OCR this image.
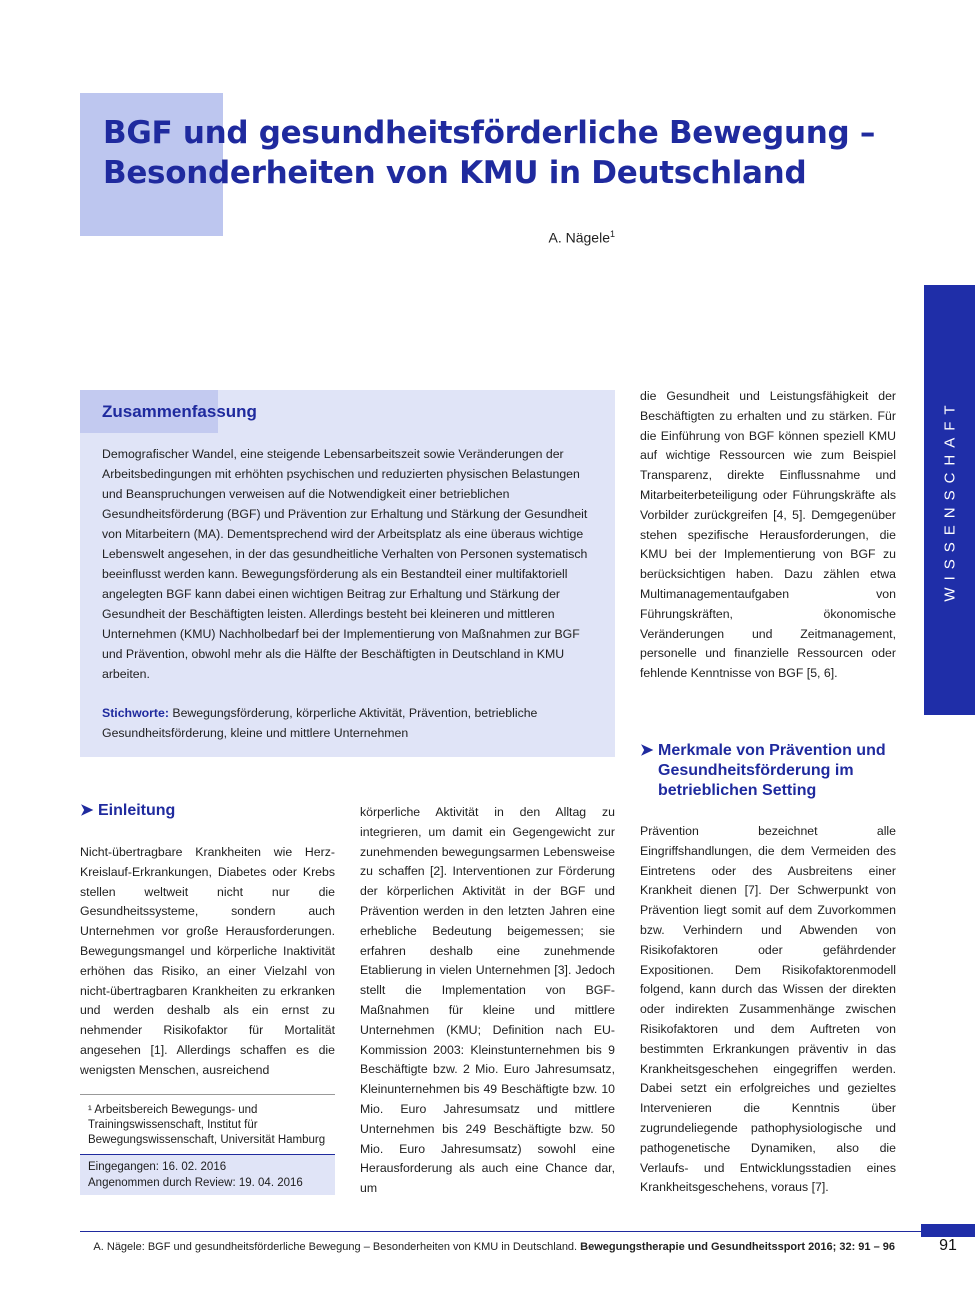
BGF und gesundheitsförderliche Bewegung –
Besonderheiten von KMU in Deutschland
A. Nägele$^1$
WISSENSCHAFT
Zusammenfassung

Demografischer Wandel, eine steigende Lebensarbeitszeit sowie Veränderungen der Arbeitsbedingungen mit erhöhten psychischen und reduzierten physischen Belastungen und Beanspruchungen verweisen auf die Notwendigkeit einer betrieblichen Gesundheitsförderung (BGF) und Prävention zur Erhaltung und Stärkung der Gesundheit von Mitarbeitern (MA). Dementsprechend wird der Arbeitsplatz als eine überaus wichtige Lebenswelt angesehen, in der das gesundheitliche Verhalten von Personen systematisch beeinflusst werden kann. Bewegungsförderung als ein Bestandteil einer multifaktoriell angelegten BGF kann dabei einen wichtigen Beitrag zur Erhaltung und Stärkung der Gesundheit der Beschäftigten leisten. Allerdings besteht bei kleineren und mittleren Unternehmen (KMU) Nachholbedarf bei der Implementierung von Maßnahmen zur BGF und Prävention, obwohl mehr als die Hälfte der Beschäftigten in Deutschland in KMU arbeiten.

Stichworte: Bewegungsförderung, körperliche Aktivität, Prävention, betriebliche Gesundheitsförderung, kleine und mittlere Unternehmen

➤ Einleitung

Nicht-übertragbare Krankheiten wie Herz-Kreislauf-Erkrankungen, Diabetes oder Krebs stellen weltweit nicht nur die Gesundheitssysteme, sondern auch Unternehmen vor große Herausforderungen. Bewegungsmangel und körperliche Inaktivität erhöhen das Risiko, an einer Vielzahl von nicht-übertragbaren Krankheiten zu erkranken und werden deshalb als ein ernst zu nehmender Risikofaktor für Mortalität angesehen [1]. Allerdings schaffen es die wenigsten Menschen, ausreichend

körperliche Aktivität in den Alltag zu integrieren, um damit ein Gegengewicht zur zunehmenden bewegungsarmen Lebensweise zu schaffen [2]. Interventionen zur Förderung der körperlichen Aktivität in der BGF und Prävention werden in den letzten Jahren eine erhebliche Bedeutung beigemessen; sie erfahren deshalb eine zunehmende Etablierung in vielen Unternehmen [3]. Jedoch stellt die Implementation von BGF-Maßnahmen für kleine und mittlere Unternehmen (KMU; Definition nach EU-Kommission 2003: Kleinstunternehmen bis 9 Beschäftigte bzw. 2 Mio. Euro Jahresumsatz, Kleinunternehmen bis 49 Beschäftigte bzw. 10 Mio. Euro Jahresumsatz und mittlere Unternehmen bis 249 Beschäftigte bzw. 50 Mio. Euro Jahresumsatz) sowohl eine Herausforderung als auch eine Chance dar, um

die Gesundheit und Leistungsfähigkeit der Beschäftigten zu erhalten und zu stärken. Für die Einführung von BGF können speziell KMU auf wichtige Ressourcen wie zum Beispiel Transparenz, direkte Einflussnahme und Mitarbeiterbeteiligung oder Führungskräfte als Vorbilder zurückgreifen [4, 5]. Demgegenüber stehen spezifische Herausforderungen, die KMU bei der Implementierung von BGF zu berücksichtigen haben. Dazu zählen etwa Multimanagementaufgaben von Führungskräften, ökonomische Veränderungen und Zeitmanagement, personelle und finanzielle Ressourcen oder fehlende Kenntnisse von BGF [5, 6].

➤ Merkmale von Prävention und Gesundheitsförderung im betrieblichen Setting

Prävention bezeichnet alle Eingriffshandlungen, die dem Vermeiden des Eintretens oder des Ausbreitens einer Krankheit dienen [7]. Der Schwerpunkt von Prävention liegt somit auf dem Zuvorkommen bzw. Verhindern und Abwenden von Risikofaktoren oder gefährdender Expositionen. Dem Risikofaktorenmodell folgend, kann durch das Wissen der direkten oder indirekten Zusammenhänge zwischen Risikofaktoren und dem Auftreten von bestimmten Erkrankungen präventiv in das Krankheitsgeschehen eingegriffen werden. Dabei setzt ein erfolgreiches und gezieltes Intervenieren die Kenntnis über zugrundeliegende pathophysiologische und pathogenetische Dynamiken, also die Verlaufs- und Entwicklungsstadien eines Krankheitsgeschehens, voraus [7].

¹ Arbeitsbereich Bewegungs- und Trainingswissenschaft, Institut für Bewegungswissenschaft, Universität Hamburg
Eingegangen: 16. 02. 2016
Angenommen durch Review: 19. 04. 2016
A. Nägele: BGF und gesundheitsförderliche Bewegung – Besonderheiten von KMU in Deutschland. Bewegungstherapie und Gesundheitssport 2016; 32: 91 – 96	91
